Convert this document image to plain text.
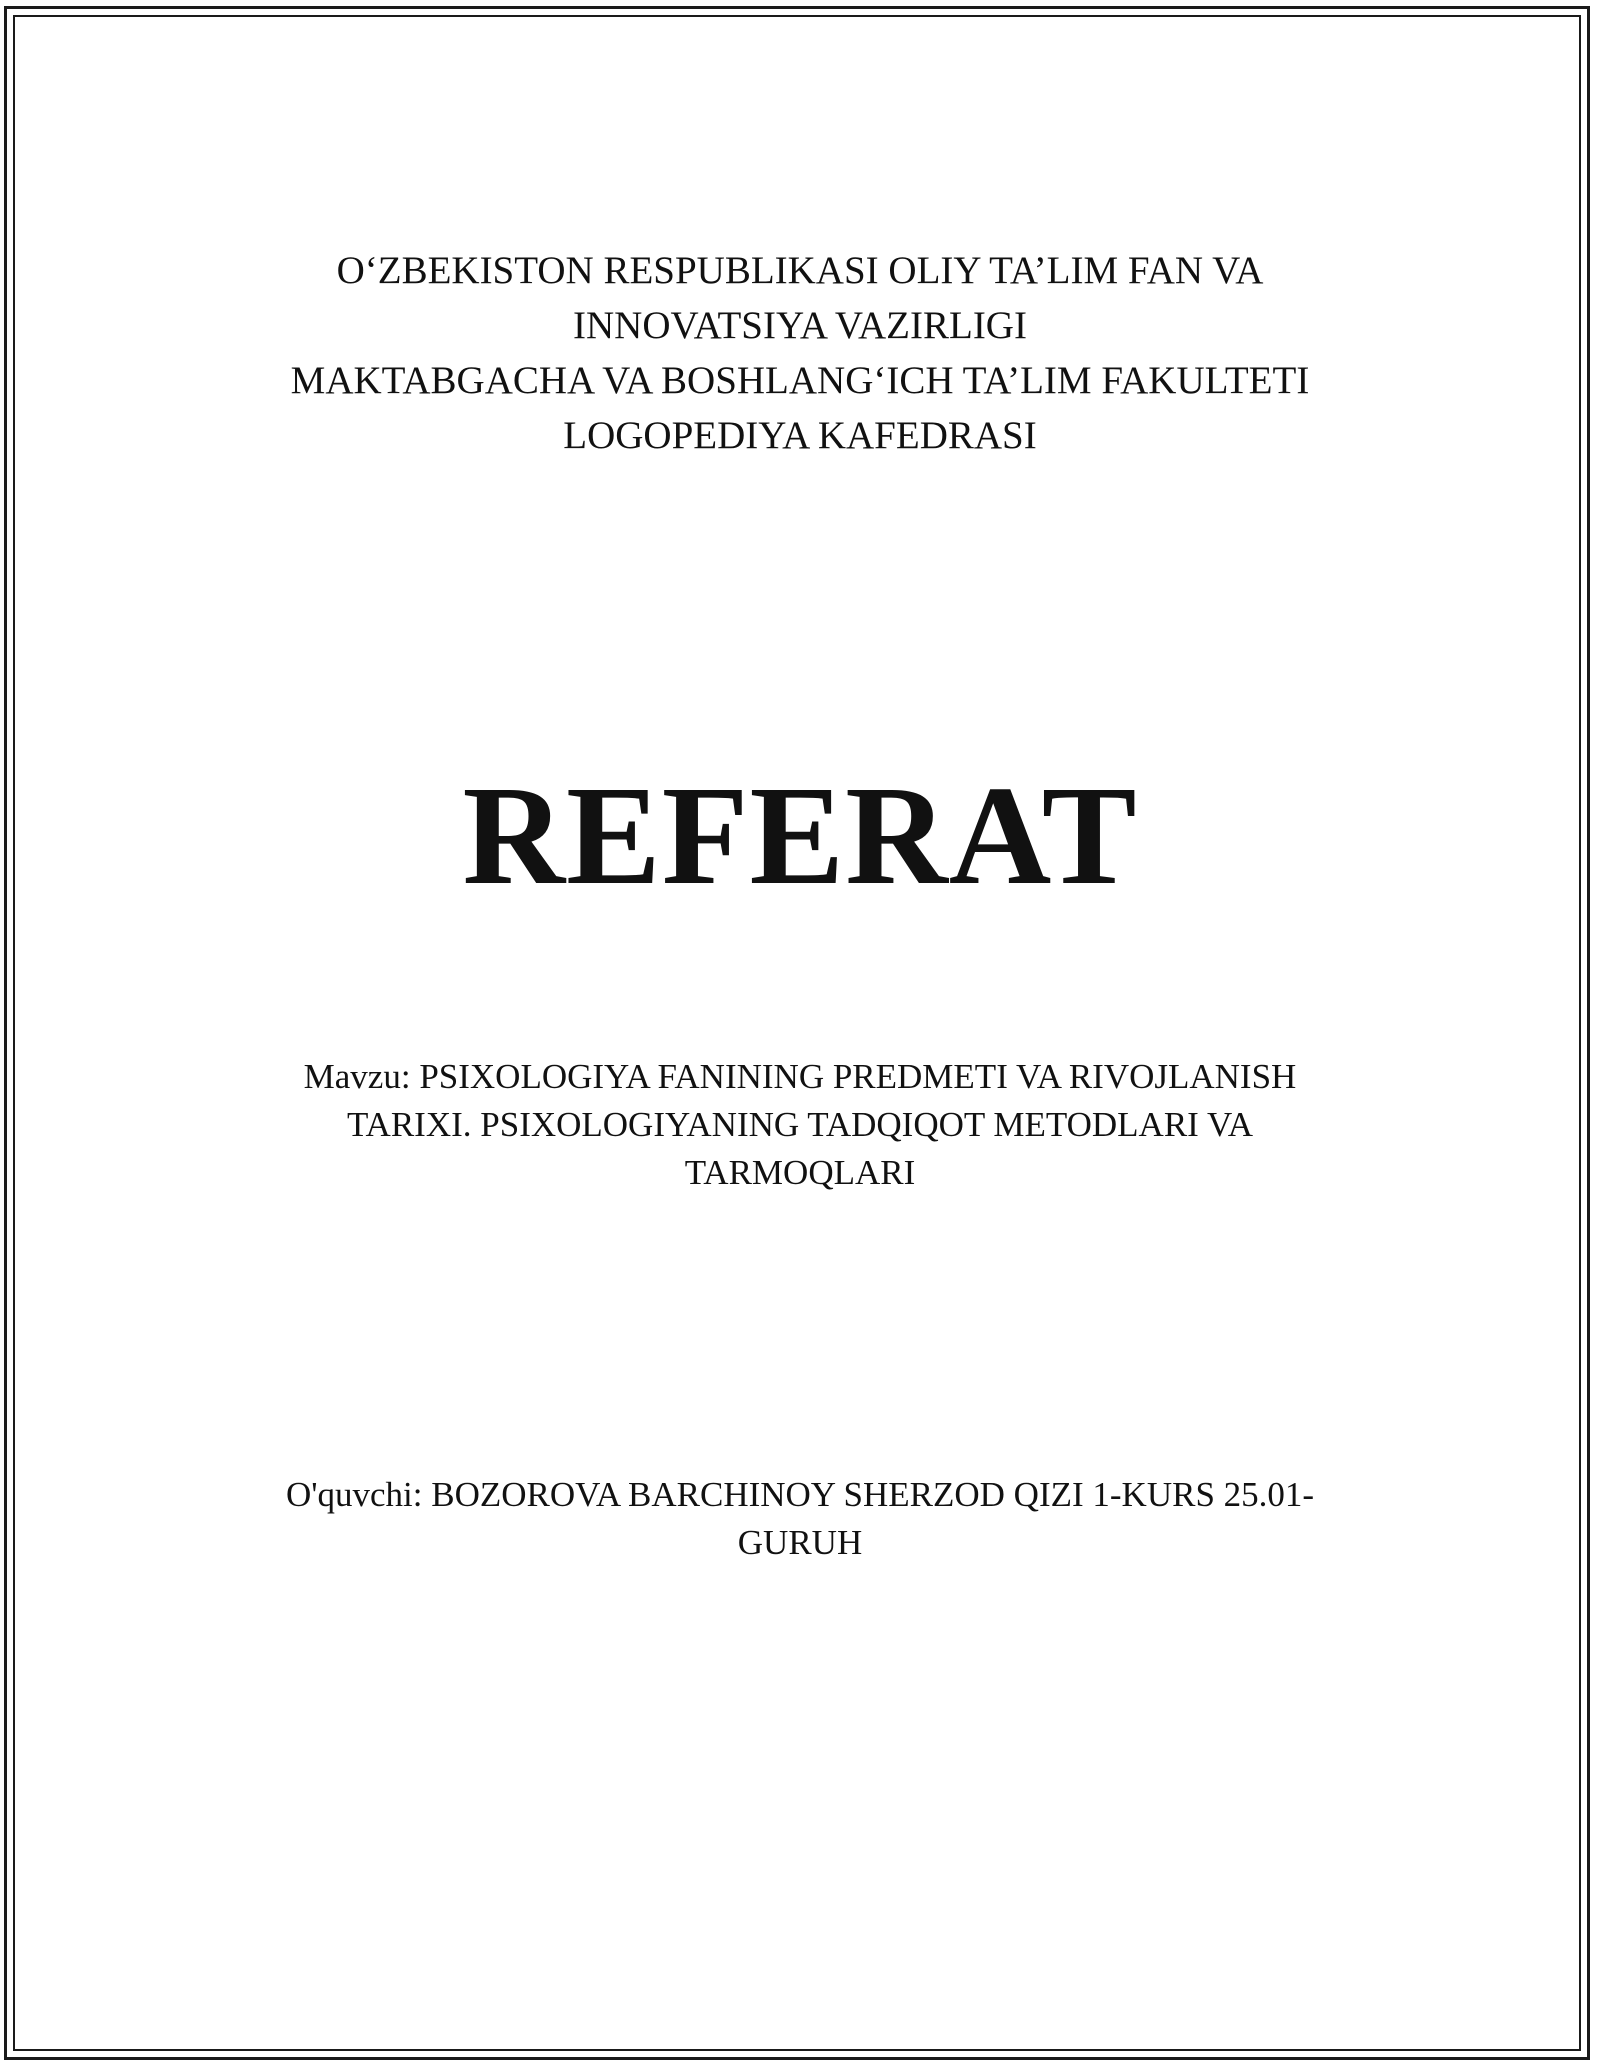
O‘ZBEKISTON RESPUBLIKASI OLIY TA’LIM FAN VA
INNOVATSIYA VAZIRLIGI
MAKTABGACHA VA BOSHLANG‘ICH TA’LIM FAKULTETI
LOGOPEDIYA KAFEDRASI
REFERAT
Mavzu: PSIXOLOGIYA FANINING PREDMETI VA RIVOJLANISH
TARIXI. PSIXOLOGIYANING TADQIQOT METODLARI VA
TARMOQLARI
O'quvchi: BOZOROVA BARCHINOY SHERZOD QIZI 1-KURS 25.01-
GURUH
